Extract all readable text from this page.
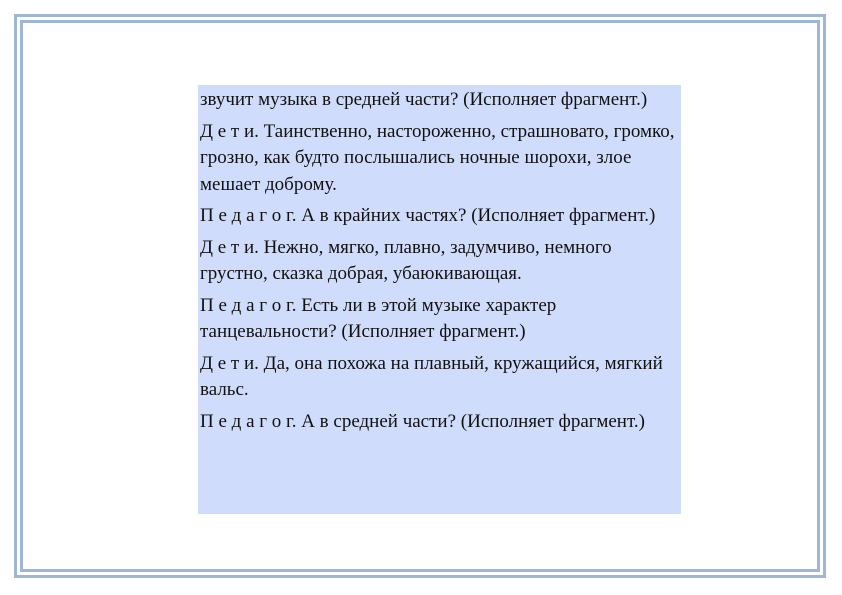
звучит музыка в средней части? (Исполняет фрагмент.)

Д е т и. Таинственно, настороженно, страшновато, громко, грозно, как будто послышались ночные шорохи, злое мешает доброму.

П е д а г о г. А в крайних частях? (Исполняет фрагмент.)

Д е т и. Нежно, мягко, плавно, задумчиво, немного грустно, сказка добрая, убаюкивающая.

П е д а г о г. Есть ли в этой музыке характер танцевальности? (Исполняет фрагмент.)

Д е т и. Да, она похожа на плавный, кружащийся, мягкий вальс.

П е д а г о г. А в средней части? (Исполняет фрагмент.)
